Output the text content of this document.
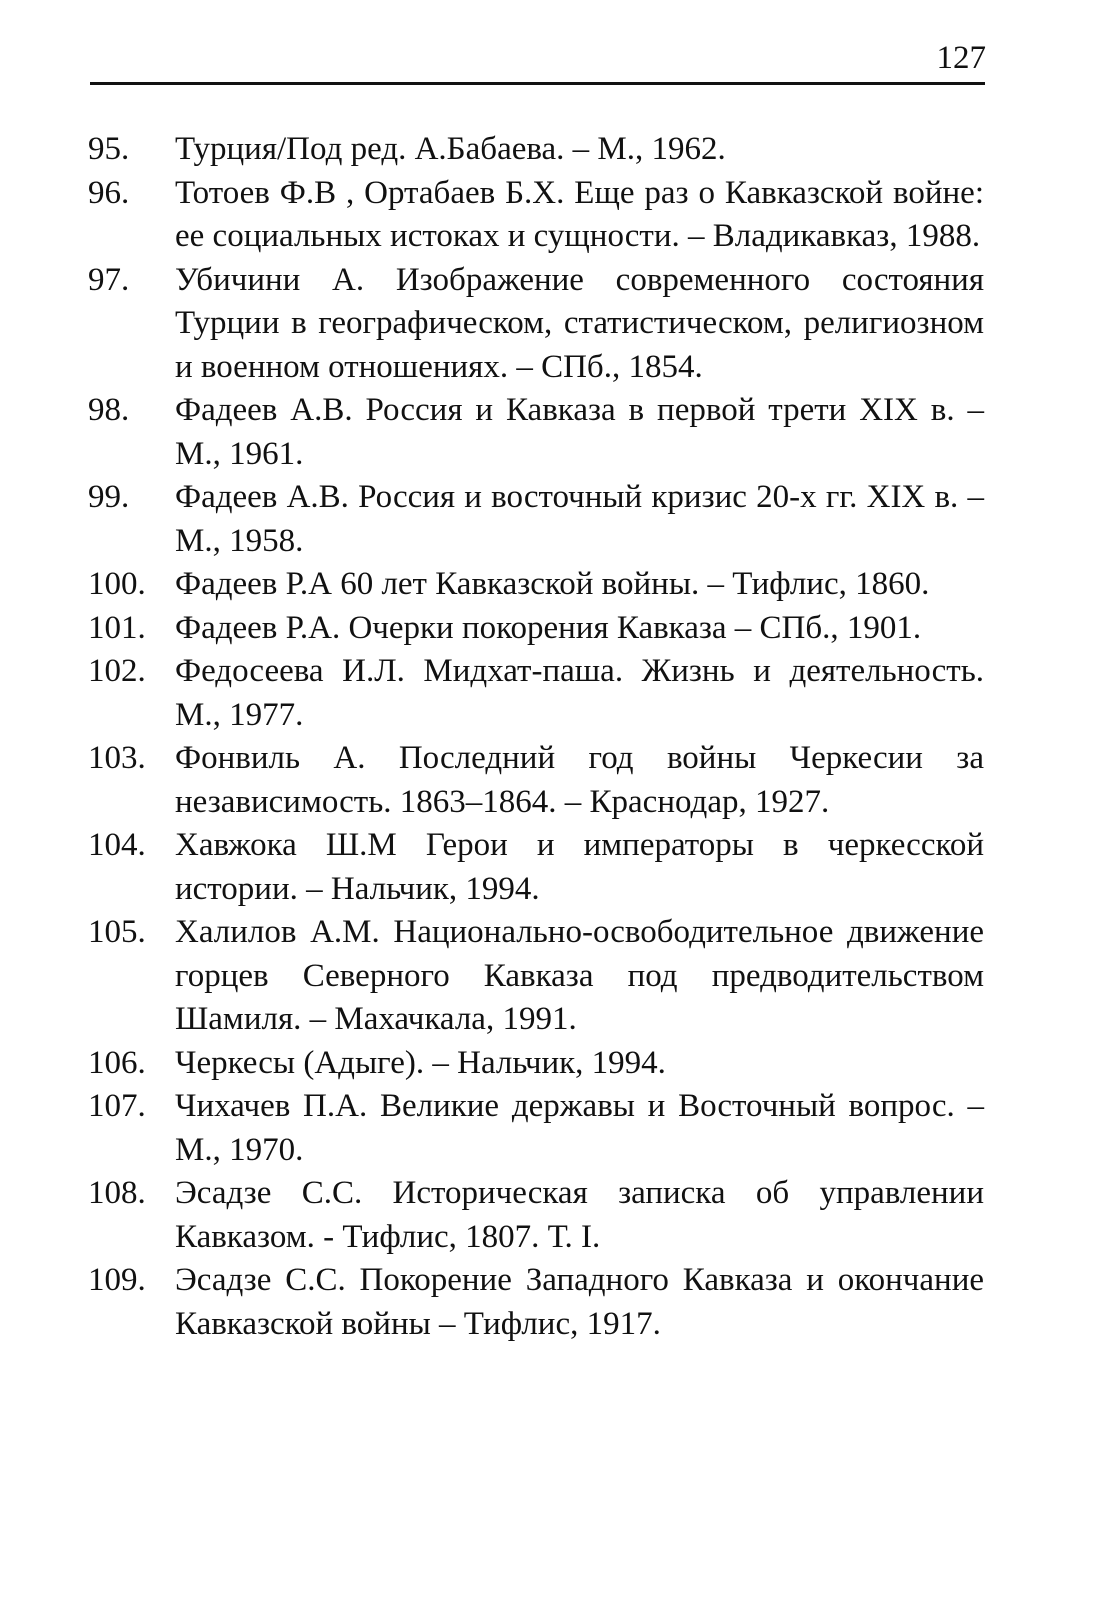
127
95.	Турция/Под ред. А.Бабаева. – М., 1962.
96.	Тотоев Ф.В , Ортабаев Б.Х. Еще раз о Кавказской войне: ее социальных истоках и сущности. – Владикавказ, 1988.
97.	Убичини А. Изображение современного состояния Турции в географическом, статистическом, религиозном и военном отношениях. – СПб., 1854.
98.	Фадеев А.В. Россия и Кавказа в первой трети XIX в. – М., 1961.
99.	Фадеев А.В. Россия и восточный кризис 20-х гг. XIX в. – М., 1958.
100. Фадеев Р.А 60 лет Кавказской войны. – Тифлис, 1860.
101. Фадеев Р.А. Очерки покорения Кавказа – СПб., 1901.
102. Федосеева И.Л. Мидхат-паша. Жизнь и деятельность. М., 1977.
103. Фонвиль А. Последний год войны Черкесии за независимость. 1863–1864. – Краснодар, 1927.
104. Хавжока Ш.М Герои и императоры в черкесской истории. – Нальчик, 1994.
105. Халилов А.М. Национально-освободительное движение горцев Северного Кавказа под предводительством Шамиля. – Махачкала, 1991.
106. Черкесы (Адыге). – Нальчик, 1994.
107. Чихачев П.А. Великие державы и Восточный вопрос. – М., 1970.
108. Эсадзе С.С. Историческая записка об управлении Кавказом. - Тифлис, 1807. Т. I.
109. Эсадзе С.С. Покорение Западного Кавказа и окончание Кавказской войны – Тифлис, 1917.
